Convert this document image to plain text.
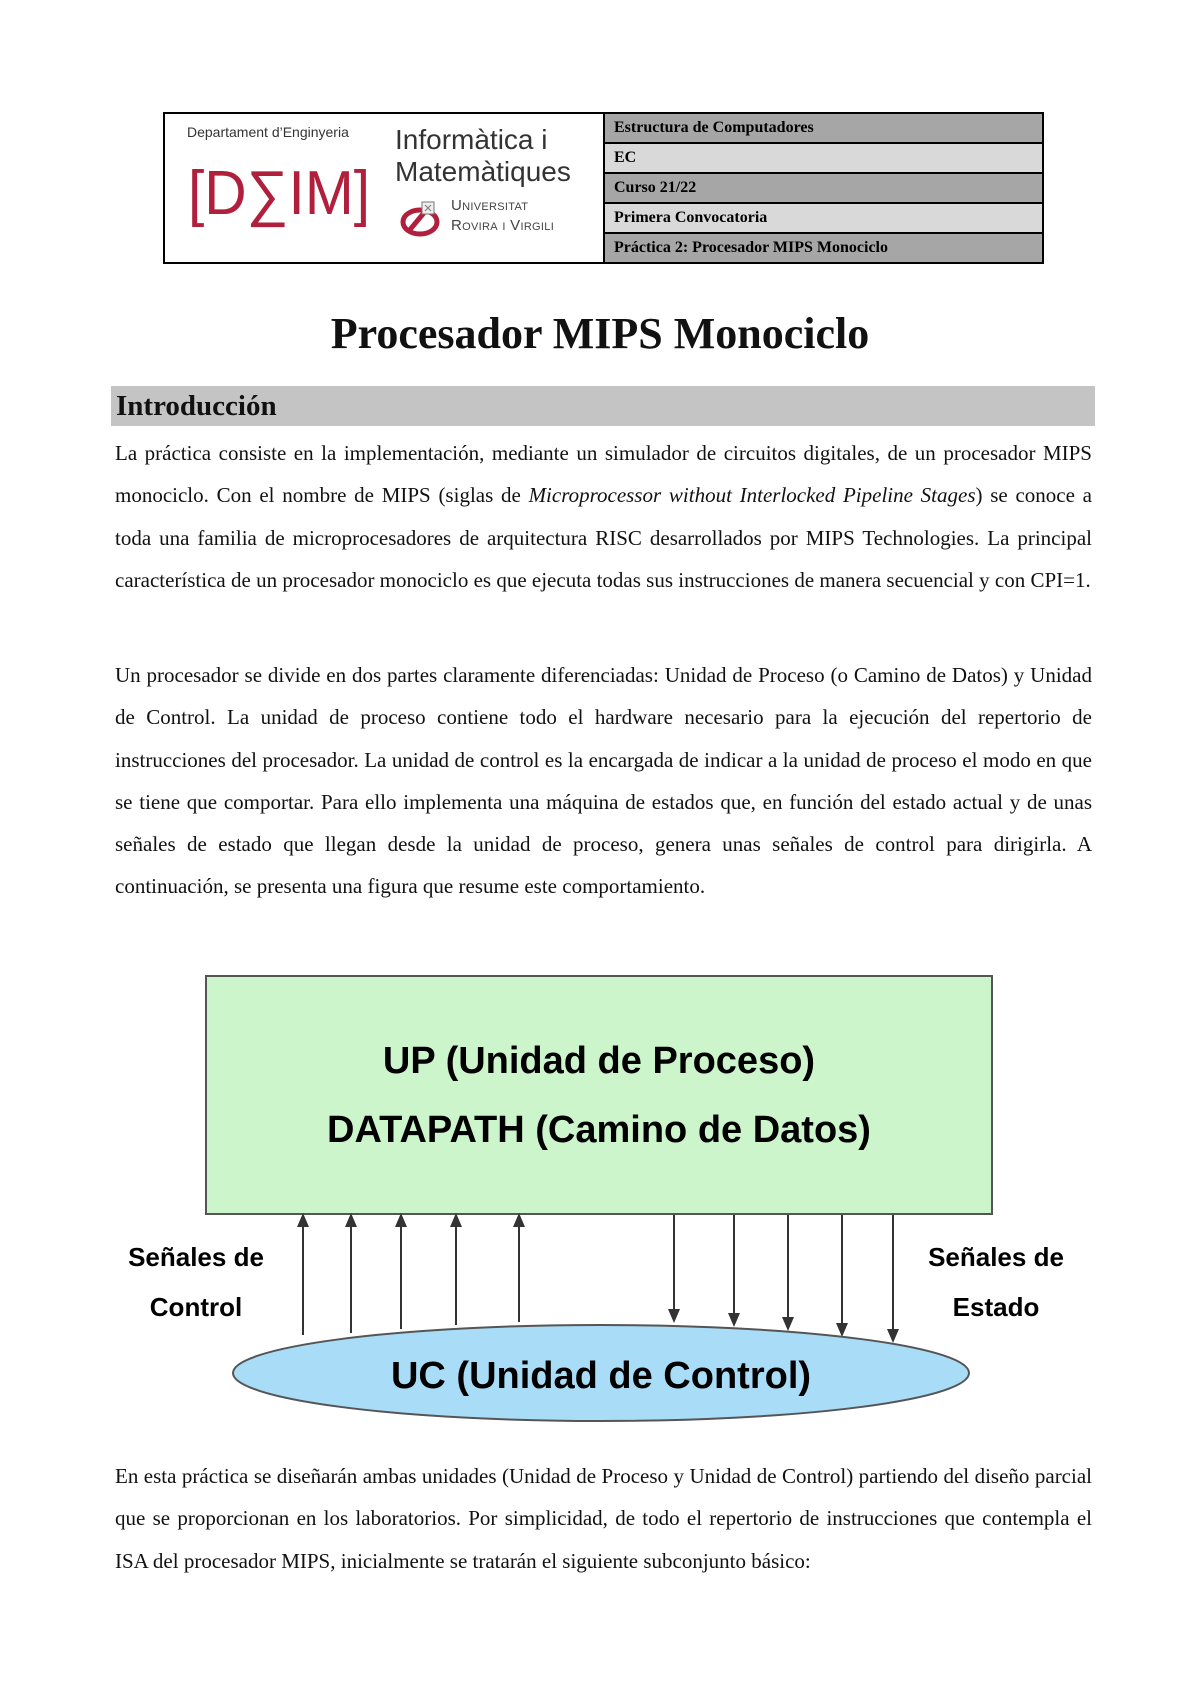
Departament d’Enginyeria
[D∑IM]
Informàtica i
Matemàtiques
Universitat
Rovira i Virgili
Estructura de Computadores
EC
Curso 21/22
Primera Convocatoria
Práctica 2: Procesador MIPS Monociclo
Procesador MIPS Monociclo
Introducción

La práctica consiste en la implementación, mediante un simulador de circuitos digitales, de un procesador MIPS monociclo. Con el nombre de MIPS (siglas de Microprocessor without Interlocked Pipeline Stages) se conoce a toda una familia de microprocesadores de arquitectura RISC desarrollados por MIPS Technologies. La principal característica de un procesador monociclo es que ejecuta todas sus instrucciones de manera secuencial y con CPI=1.

Un procesador se divide en dos partes claramente diferenciadas: Unidad de Proceso (o Camino de Datos) y Unidad de Control. La unidad de proceso contiene todo el hardware necesario para la ejecución del repertorio de instrucciones del procesador. La unidad de control es la encargada de indicar a la unidad de proceso el modo en que se tiene que comportar. Para ello implementa una máquina de estados que, en función del estado actual y de unas señales de estado que llegan desde la unidad de proceso, genera unas señales de control para dirigirla. A continuación, se presenta una figura que resume este comportamiento.

UP (Unidad de Proceso)
DATAPATH (Camino de Datos)
Señales de
Control
Señales de
Estado
UC (Unidad de Control)

En esta práctica se diseñarán ambas unidades (Unidad de Proceso y Unidad de Control) partiendo del diseño parcial que se proporcionan en los laboratorios. Por simplicidad, de todo el repertorio de instrucciones que contempla el ISA del procesador MIPS, inicialmente se tratarán el siguiente subconjunto básico:
